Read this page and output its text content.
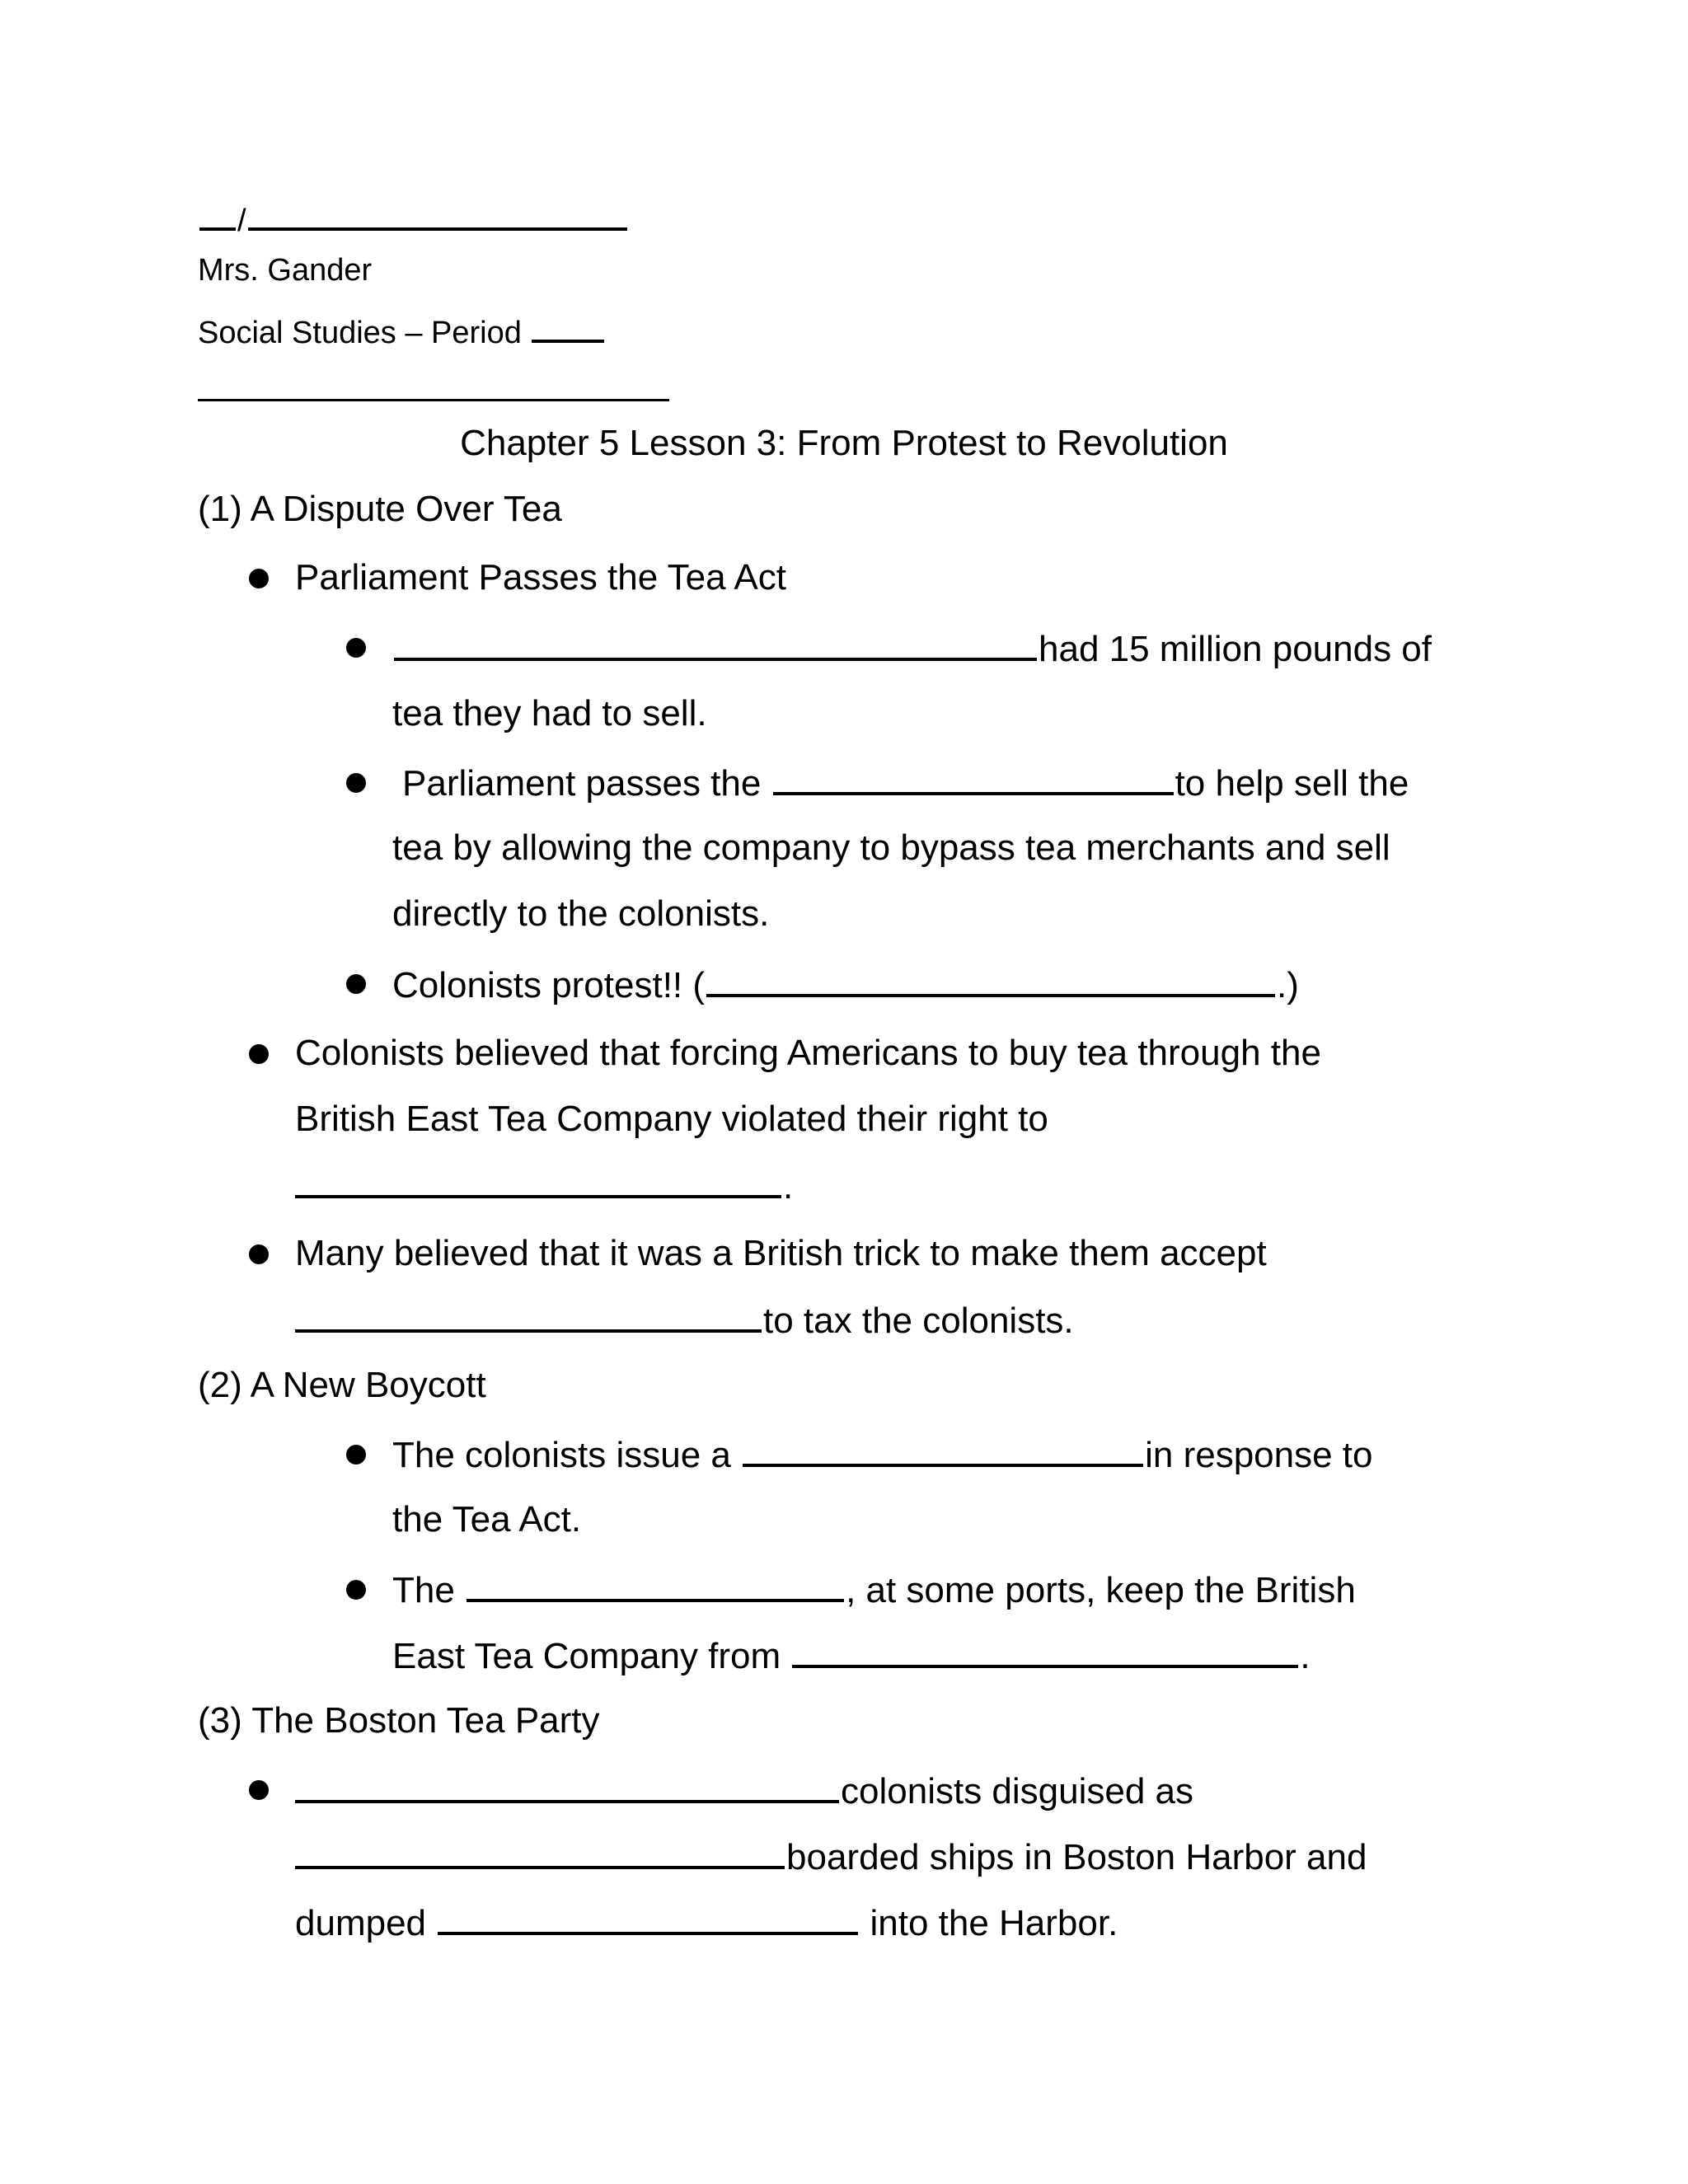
/
Mrs. Gander
Social Studies – Period
Chapter 5 Lesson 3: From Protest to Revolution
(1) A Dispute Over Tea
Parliament Passes the Tea Act
had 15 million pounds of
tea they had to sell.
Parliament passes the	to help sell the
tea by allowing the company to bypass tea merchants and sell
directly to the colonists.
Colonists protest!! (	.)
Colonists believed that forcing Americans to buy tea through the
British East Tea Company violated their right to
.
Many believed that it was a British trick to make them accept
to tax the colonists.
(2) A New Boycott
The colonists issue a	in response to
the Tea Act.
The	, at some ports, keep the British
East Tea Company from	.
(3) The Boston Tea Party
colonists disguised as
boarded ships in Boston Harbor and
dumped	into the Harbor.
